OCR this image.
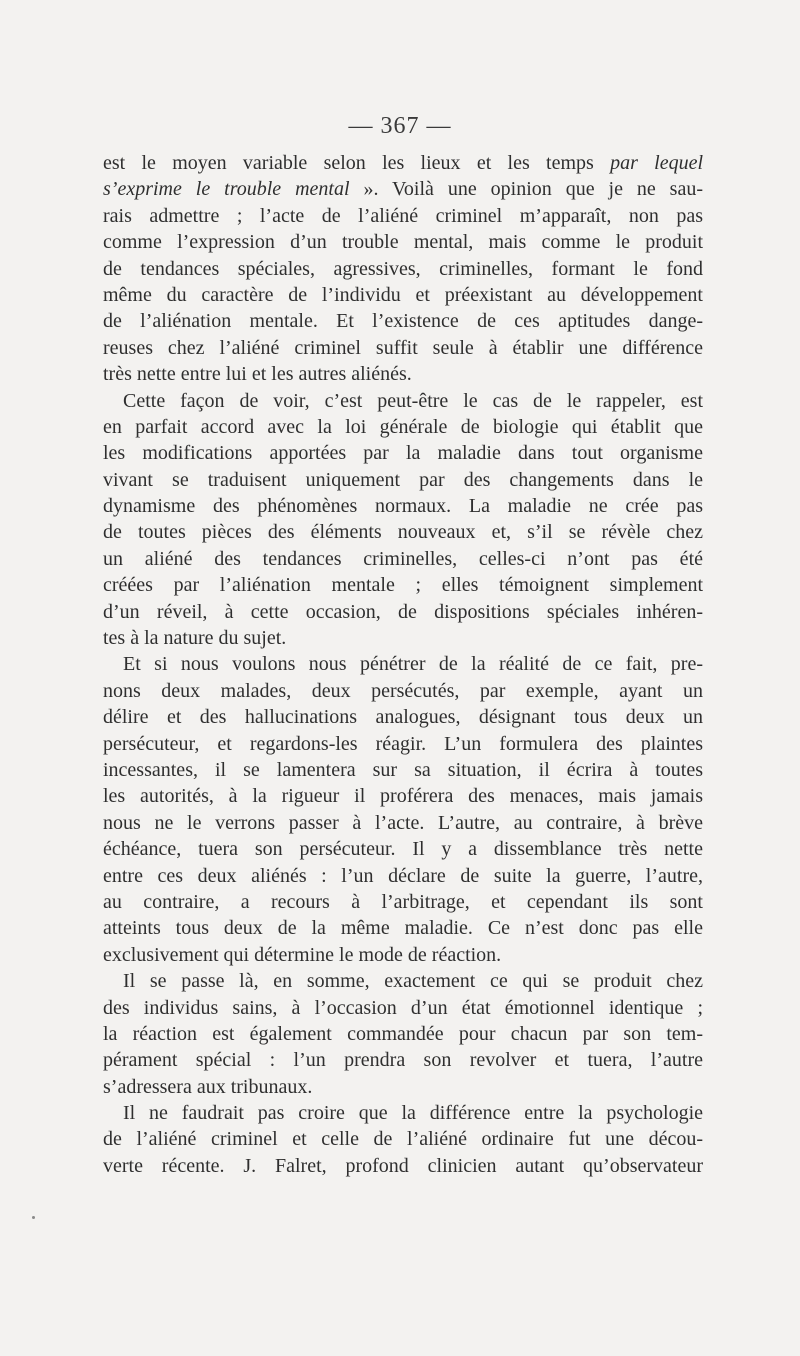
— 367 —
est le moyen variable selon les lieux et les temps par lequel
s’exprime le trouble mental ». Voilà une opinion que je ne sau-
rais admettre ; l’acte de l’aliéné criminel m’apparaît, non pas
comme l’expression d’un trouble mental, mais comme le produit
de tendances spéciales, agressives, criminelles, formant le fond
même du caractère de l’individu et préexistant au développement
de l’aliénation mentale. Et l’existence de ces aptitudes dange-
reuses chez l’aliéné criminel suffit seule à établir une différence
très nette entre lui et les autres aliénés.
Cette façon de voir, c’est peut-être le cas de le rappeler, est
en parfait accord avec la loi générale de biologie qui établit que
les modifications apportées par la maladie dans tout organisme
vivant se traduisent uniquement par des changements dans le
dynamisme des phénomènes normaux. La maladie ne crée pas
de toutes pièces des éléments nouveaux et, s’il se révèle chez
un aliéné des tendances criminelles, celles-ci n’ont pas été
créées par l’aliénation mentale ; elles témoignent simplement
d’un réveil, à cette occasion, de dispositions spéciales inhéren-
tes à la nature du sujet.
Et si nous voulons nous pénétrer de la réalité de ce fait, pre-
nons deux malades, deux persécutés, par exemple, ayant un
délire et des hallucinations analogues, désignant tous deux un
persécuteur, et regardons-les réagir. L’un formulera des plaintes
incessantes, il se lamentera sur sa situation, il écrira à toutes
les autorités, à la rigueur il proférera des menaces, mais jamais
nous ne le verrons passer à l’acte. L’autre, au contraire, à brève
échéance, tuera son persécuteur. Il y a dissemblance très nette
entre ces deux aliénés : l’un déclare de suite la guerre, l’autre,
au contraire, a recours à l’arbitrage, et cependant ils sont
atteints tous deux de la même maladie. Ce n’est donc pas elle
exclusivement qui détermine le mode de réaction.
Il se passe là, en somme, exactement ce qui se produit chez
des individus sains, à l’occasion d’un état émotionnel identique ;
la réaction est également commandée pour chacun par son tem-
pérament spécial : l’un prendra son revolver et tuera, l’autre
s’adressera aux tribunaux.
Il ne faudrait pas croire que la différence entre la psychologie
de l’aliéné criminel et celle de l’aliéné ordinaire fut une décou-
verte récente. J. Falret, profond clinicien autant qu’observateur
